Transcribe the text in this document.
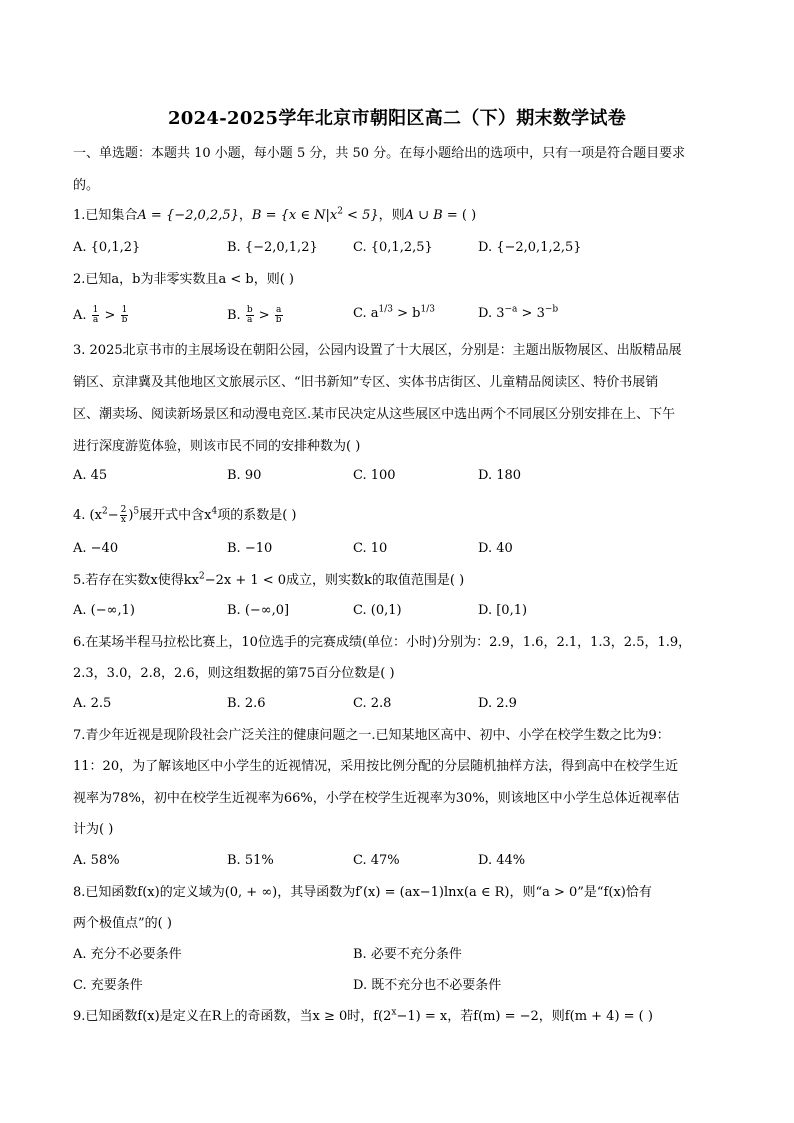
2024-2025学年北京市朝阳区高二（下）期末数学试卷
一、单选题：本题共 10 小题，每小题 5 分，共 50 分。在每小题给出的选项中，只有一项是符合题目要求
的。
1.已知集合A = {−2,0,2,5}，B = {x ∈ $N|x^2 < 5$}，则A ∪ B = ( )
A. {0,1,2}	B. {−2,0,1,2}	C. {0,1,2,5}	D. {−2,0,1,2,5}
2.已知a，b为非零实数且a < b，则( )
A. $\frac{1}{a} > \frac{1}{b}$	B. $\frac{b}{a} > \frac{a}{b}$	C. $a^{1/3} > b^{1/3}$	D. $3^{-a} > 3^{-b}$
3. 2025北京书市的主展场设在朝阳公园，公园内设置了十大展区，分别是：主题出版物展区、出版精品展
销区、京津冀及其他地区文旅展示区、“旧书新知”专区、实体书店街区、儿童精品阅读区、特价书展销
区、潮卖场、阅读新场景区和动漫电竞区.某市民决定从这些展区中选出两个不同展区分别安排在上、下午
进行深度游览体验，则该市民不同的安排种数为( )
A. 45	B. 90	C. 100	D. 180
4. $(x^2- \frac{2}{x} )^5$展开式中含$x^4$项的系数是( )
A. −40	B. −10	C. 10	D. 40
5.若存在实数x使得$kx^2-2x + 1 < 0$成立，则实数k的取值范围是( )
A. (−∞,1)	B. (−∞,0]	C. (0,1)	D. [0,1)
6.在某场半程马拉松比赛上，10位选手的完赛成绩(单位：小时)分别为：2.9，1.6，2.1，1.3，2.5，1.9，
2.3，3.0，2.8，2.6，则这组数据的第75百分位数是( )
A. 2.5	B. 2.6	C. 2.8	D. 2.9
7.青少年近视是现阶段社会广泛关注的健康问题之一.已知某地区高中、初中、小学在校学生数之比为9：
11：20，为了解该地区中小学生的近视情况，采用按比例分配的分层随机抽样方法，得到高中在校学生近
视率为78%，初中在校学生近视率为66%，小学在校学生近视率为30%，则该地区中小学生总体近视率估
计为( )
A. 58%	B. 51%	C. 47%	D. 44%
8.已知函数f(x)的定义域为(0, + ∞)，其导函数为f′(x) = (ax−1)lnx(a ∈ R)，则“a > 0”是“f(x)恰有
两个极值点”的( )
A. 充分不必要条件	B. 必要不充分条件
C. 充要条件	D. 既不充分也不必要条件
9.已知函数f(x)是定义在R上的奇函数，当x ≥ 0时，$f(2^x-1) = x$，若f(m) = −2，则f(m + 4) = ( )
